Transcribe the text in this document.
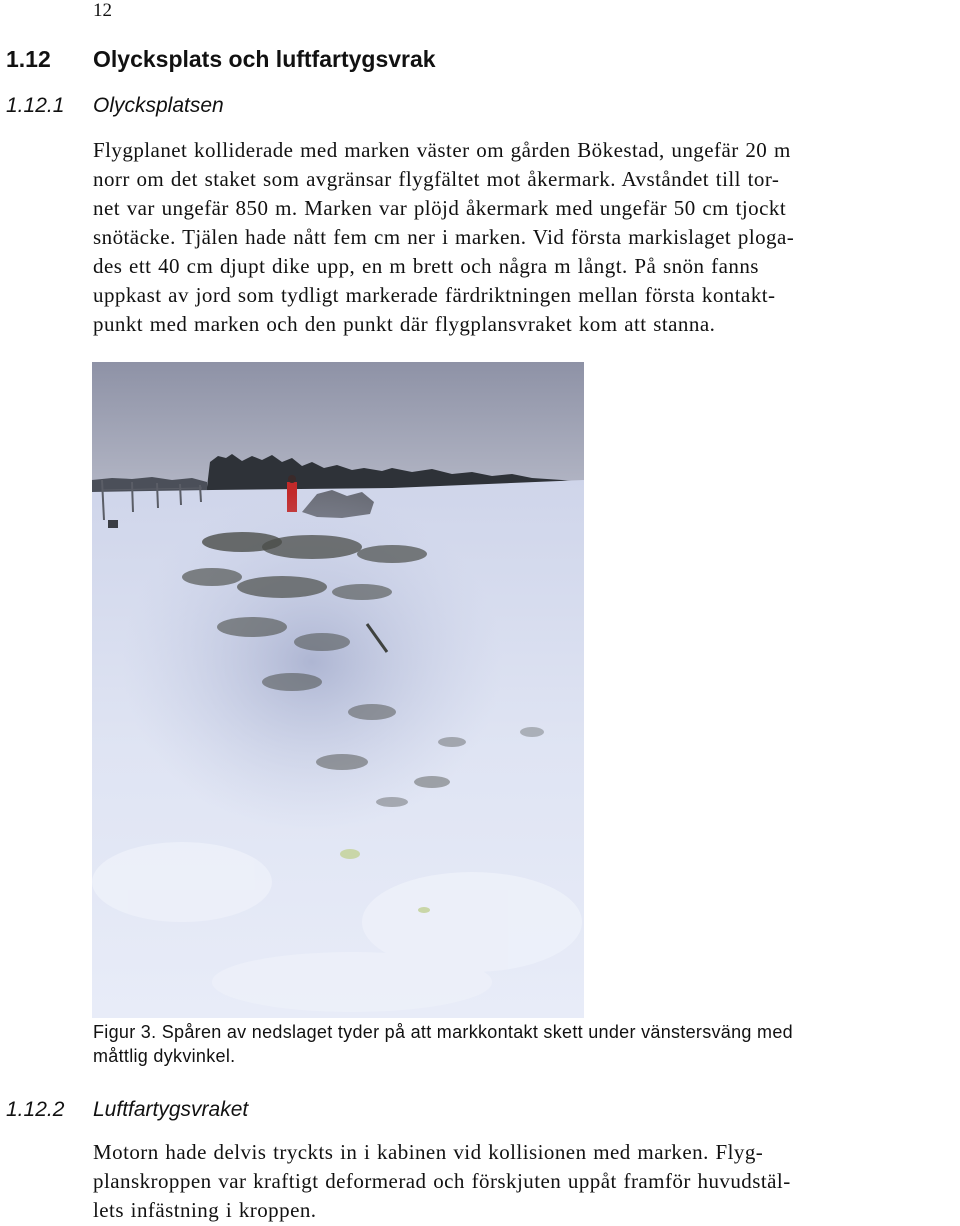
12
1.12 Olycksplats och luftfartygsvrak
1.12.1 Olycksplatsen

Flygplanet kolliderade med marken väster om gården Bökestad, ungefär 20 m
norr om det staket som avgränsar flygfältet mot åkermark. Avståndet till tor-
net var ungefär 850 m. Marken var plöjd åkermark med ungefär 50 cm tjockt
snötäcke. Tjälen hade nått fem cm ner i marken. Vid första markislaget ploga-
des ett 40 cm djupt dike upp, en m brett och några m långt. På snön fanns
uppkast av jord som tydligt markerade färdriktningen mellan första kontakt-
punkt med marken och den punkt där flygplansvraket kom att stanna.

Figur 3. Spåren av nedslaget tyder på att markkontakt skett under vänstersväng med
måttlig dykvinkel.

1.12.2 Luftfartygsvraket

Motorn hade delvis tryckts in i kabinen vid kollisionen med marken. Flyg-
planskroppen var kraftigt deformerad och förskjuten uppåt framför huvudstäl-
lets infästning i kroppen.
